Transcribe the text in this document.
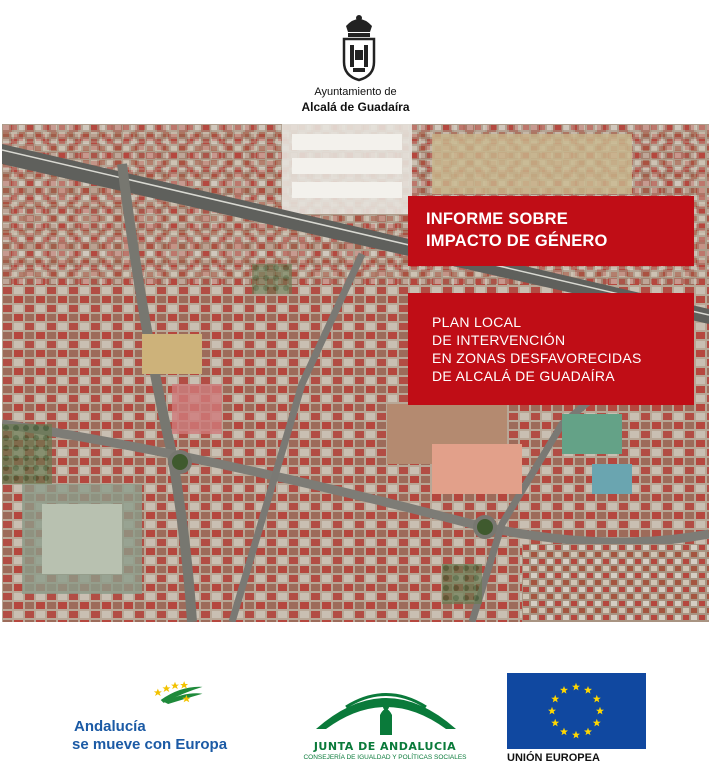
Ayuntamiento de
Alcalá de Guadaíra
INFORME SOBRE
IMPACTO DE GÉNERO
PLAN LOCAL
DE INTERVENCIÓN
EN ZONAS DESFAVORECIDAS
DE ALCALÁ DE GUADAÍRA
Andalucía
se mueve con Europa	JUNTA DE ANDALUCIA
CONSEJERÍA DE IGUALDAD Y POLÍTICAS SOCIALES	UNIÓN EUROPEA
